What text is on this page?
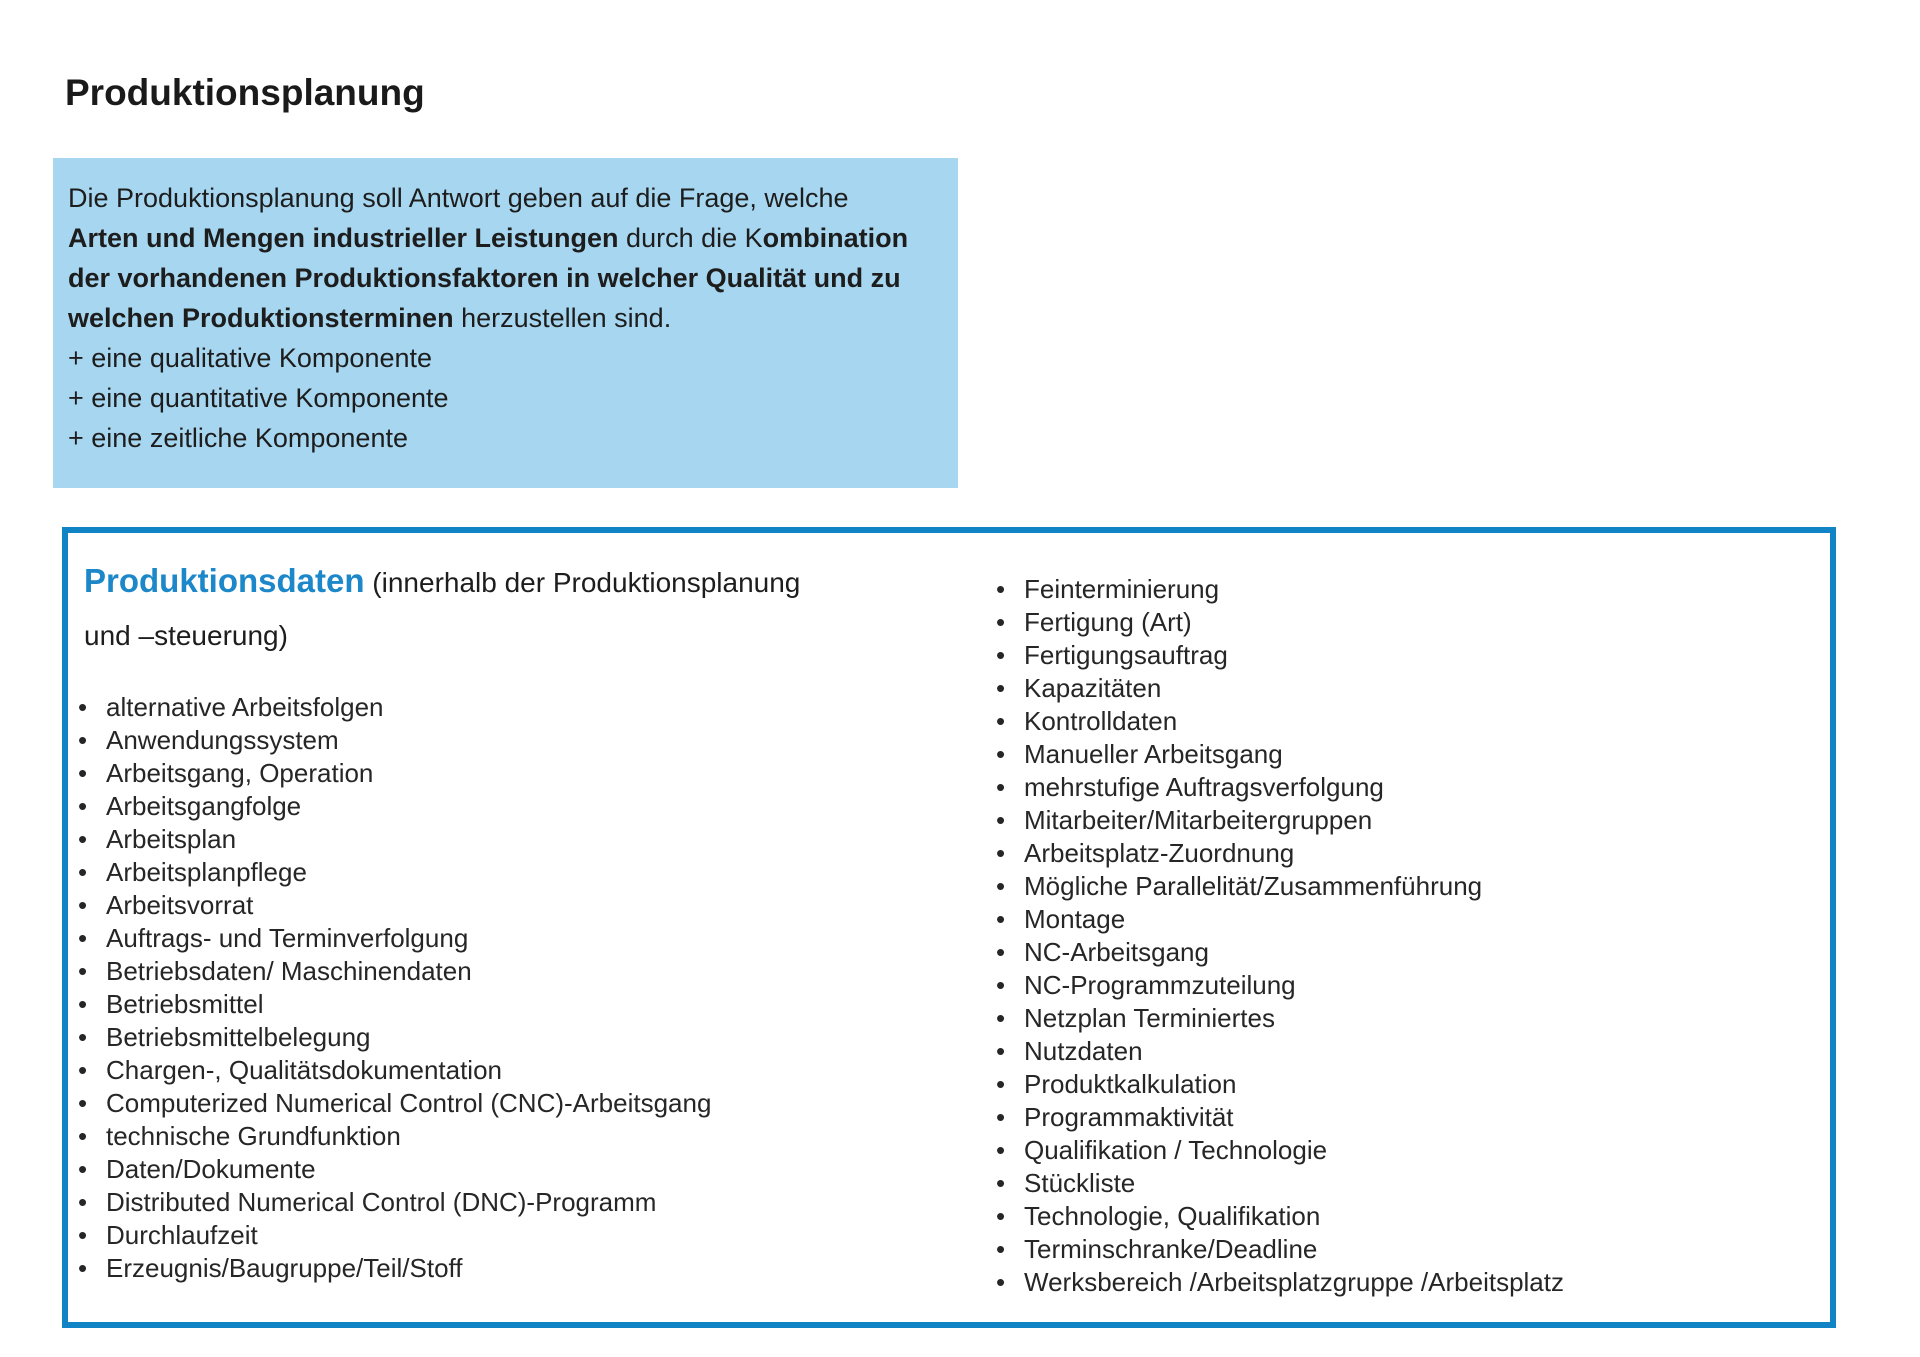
Produktionsplanung
Die Produktionsplanung soll Antwort geben auf die Frage, welche
Arten und Mengen industrieller Leistungen durch die Kombination
der vorhandenen Produktionsfaktoren in welcher Qualität und zu
welchen Produktionsterminen herzustellen sind.
+ eine qualitative Komponente
+ eine quantitative Komponente
+ eine zeitliche Komponente
Produktionsdaten (innerhalb der Produktionsplanung
und –steuerung)
• alternative Arbeitsfolgen
• Anwendungssystem
• Arbeitsgang, Operation
• Arbeitsgangfolge
• Arbeitsplan
• Arbeitsplanpflege
• Arbeitsvorrat
• Auftrags- und Terminverfolgung
• Betriebsdaten/ Maschinendaten
• Betriebsmittel
• Betriebsmittelbelegung
• Chargen-, Qualitätsdokumentation
• Computerized Numerical Control (CNC)-Arbeitsgang
• technische Grundfunktion
• Daten/Dokumente
• Distributed Numerical Control (DNC)-Programm
• Durchlaufzeit
• Erzeugnis/Baugruppe/Teil/Stoff
• Feinterminierung
• Fertigung (Art)
• Fertigungsauftrag
• Kapazitäten
• Kontrolldaten
• Manueller Arbeitsgang
• mehrstufige Auftragsverfolgung
• Mitarbeiter/Mitarbeitergruppen
• Arbeitsplatz-Zuordnung
• Mögliche Parallelität/Zusammenführung
• Montage
• NC-Arbeitsgang
• NC-Programmzuteilung
• Netzplan Terminiertes
• Nutzdaten
• Produktkalkulation
• Programmaktivität
• Qualifikation / Technologie
• Stückliste
• Technologie, Qualifikation
• Terminschranke/Deadline
• Werksbereich /Arbeitsplatzgruppe /Arbeitsplatz
